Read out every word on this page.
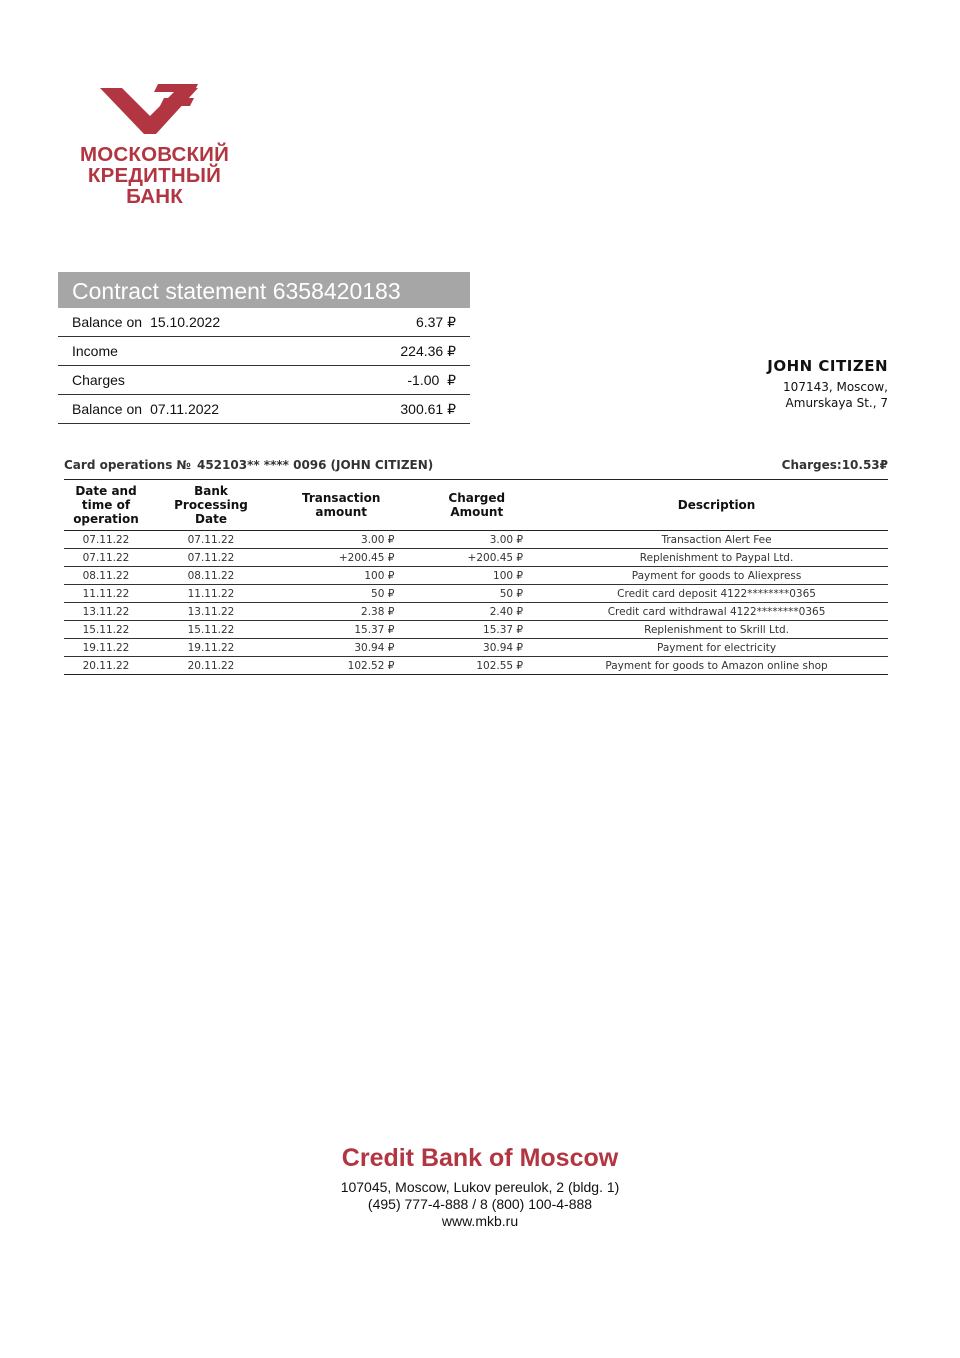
МОСКОВСКИЙ
КРЕДИТНЫЙ
БАНК
Contract statement 6358420183
Balance on 15.10.2022	6.37 ₽
Income	224.36 ₽
Charges	-1.00  ₽
Balance on 07.11.2022	300.61 ₽
JOHN CITIZEN
107143, Moscow,
Amurskaya St., 7
Card operations № 452103** **** 0096 (JOHN CITIZEN)	Charges:10.53₽
Date and time of operation	Bank Processing Date	Transaction amount	Charged Amount	Description
07.11.22	07.11.22	3.00 ₽	3.00 ₽	Transaction Alert Fee
07.11.22	07.11.22	+200.45 ₽	+200.45 ₽	Replenishment to Paypal Ltd.
08.11.22	08.11.22	100 ₽	100 ₽	Payment for goods to Aliexpress
11.11.22	11.11.22	50 ₽	50 ₽	Credit card deposit 4122********0365
13.11.22	13.11.22	2.38 ₽	2.40 ₽	Credit card withdrawal 4122********0365
15.11.22	15.11.22	15.37 ₽	15.37 ₽	Replenishment to Skrill Ltd.
19.11.22	19.11.22	30.94 ₽	30.94 ₽	Payment for electricity
20.11.22	20.11.22	102.52 ₽	102.55 ₽	Payment for goods to Amazon online shop
Credit Bank of Moscow
107045, Moscow, Lukov pereulok, 2 (bldg. 1)
(495) 777-4-888 / 8 (800) 100-4-888
www.mkb.ru
